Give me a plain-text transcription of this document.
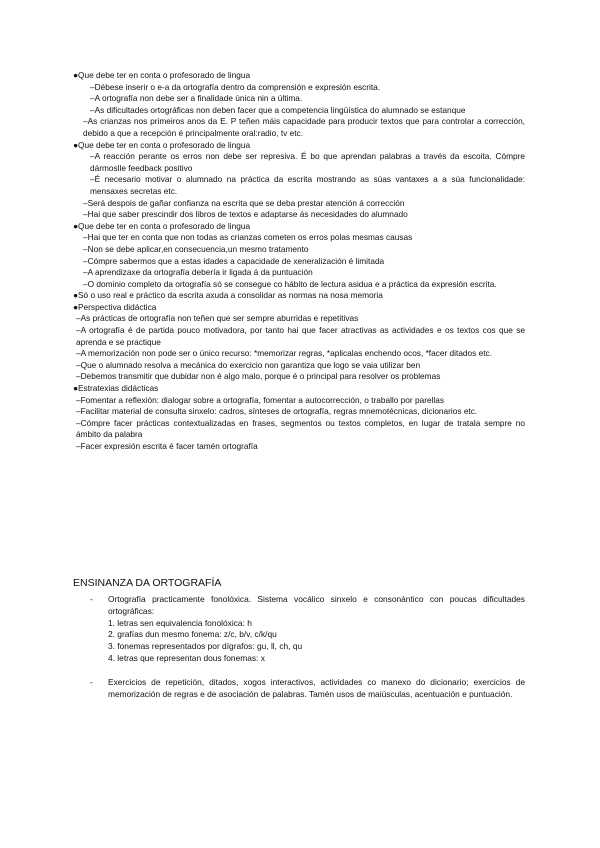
●Que debe ter en conta o profesorado de lingua

–Débese inserir o e-a da ortografía dentro da comprensión e expresión escrita.

–A ortografía non debe ser a finalidade única nin a última.

–As dificultades ortográficas non deben facer que a competencia lingüística do alumnado se estanque

–As crianzas nos primeiros anos da E. P teñen máis capacidade para producir textos que para controlar a corrección, debido a que a recepción é principalmente oral:radio, tv etc.

●Que debe ter en conta o profesorado de lingua

–A reacción perante os erros non debe ser represiva. É bo que aprendan palabras a través da escoita. Cómpre dármoslle feedback positivo

–É necesario motivar o alumnado na práctica da escrita mostrando as súas vantaxes a a súa funcionalidade: mensaxes secretas etc.

–Será despois de gañar confianza na escrita que se deba prestar atención á corrección

–Hai que saber prescindir dos libros de textos e adaptarse ás necesidades do alumnado

●Que debe ter en conta o profesorado de lingua

–Hai que ter en conta que non todas as crianzas cometen os erros polas mesmas causas

–Non se debe aplicar,en consecuencia,un mesmo tratamento

–Cómpre sabermos que a estas idades a capacidade de xeneralización é limitada

–A aprendizaxe da ortografía debería ir ligada á da puntuación

–O dominio completo da ortografía só se consegue co hábito de lectura asidua e a práctica da expresión escrita.

●Só o uso real e práctico da escrita axuda a consolidar as normas na nosa memoria

●Perspectiva didáctica

–As prácticas de ortografía non teñen que ser sempre aburridas e repetitivas

–A ortografía é de partida pouco motivadora, por tanto hai que facer atractivas as actividades e os textos cos que se aprenda e se practique

–A memorización non pode ser o único recurso: *memorizar regras, *aplicalas enchendo ocos, *facer ditados etc.

–Que o alumnado resolva a mecánica do exercicio non garantiza que logo se vaia utilizar ben

–Debemos transmitir que dubidar non é algo malo, porque é o principal para resolver os problemas

●Estratexias didácticas

–Fomentar a reflexión: dialogar sobre a ortografía, fomentar a autocorrección, o traballo por parellas

–Facilitar material de consulta sinxelo: cadros, sínteses de ortografía, regras mnemotécnicas, dicionarios etc.

–Cómpre facer prácticas contextualizadas en frases, segmentos ou textos completos, en lugar de tratala sempre no ámbito da palabra

–Facer expresión escrita é facer tamén ortografía

ENSINANZA DA ORTOGRAFÍA
- Ortografía practicamente fonolóxica. Sistema vocálico sinxelo e consonántico con poucas dificultades ortográficas:
1. letras sen equivalencia fonolóxica: h
2. grafías dun mesmo fonema: z/c, b/v, c/k/qu
3. fonemas representados por dígrafos: gu, ll, ch, qu
4. letras que representan dous fonemas: x
- Exercicios de repetición, ditados, xogos interactivos, actividades co manexo do dicionario; exercicios de memorización de regras e de asociación de palabras. Tamén usos de maiúsculas, acentuación e puntuación.
